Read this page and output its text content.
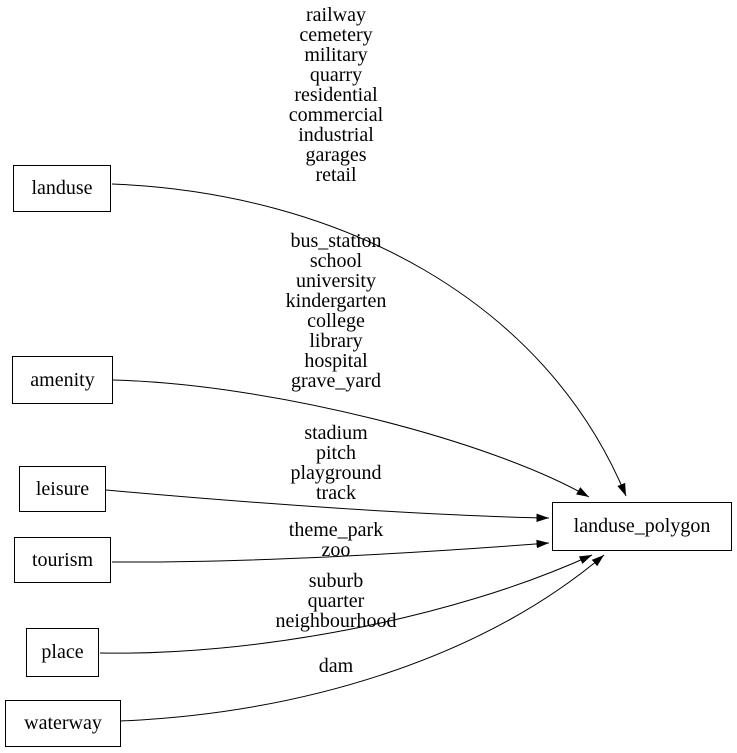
railway
cemetery
military
quarry
residential
commercial
industrial
garages
retail
bus_station
school
university
kindergarten
college
library
hospital
grave_yard
stadium
pitch
playground
track
theme_park
zoo
suburb
quarter
neighbourhood
dam
landuse
amenity
leisure
tourism
place
waterway
landuse_polygon
